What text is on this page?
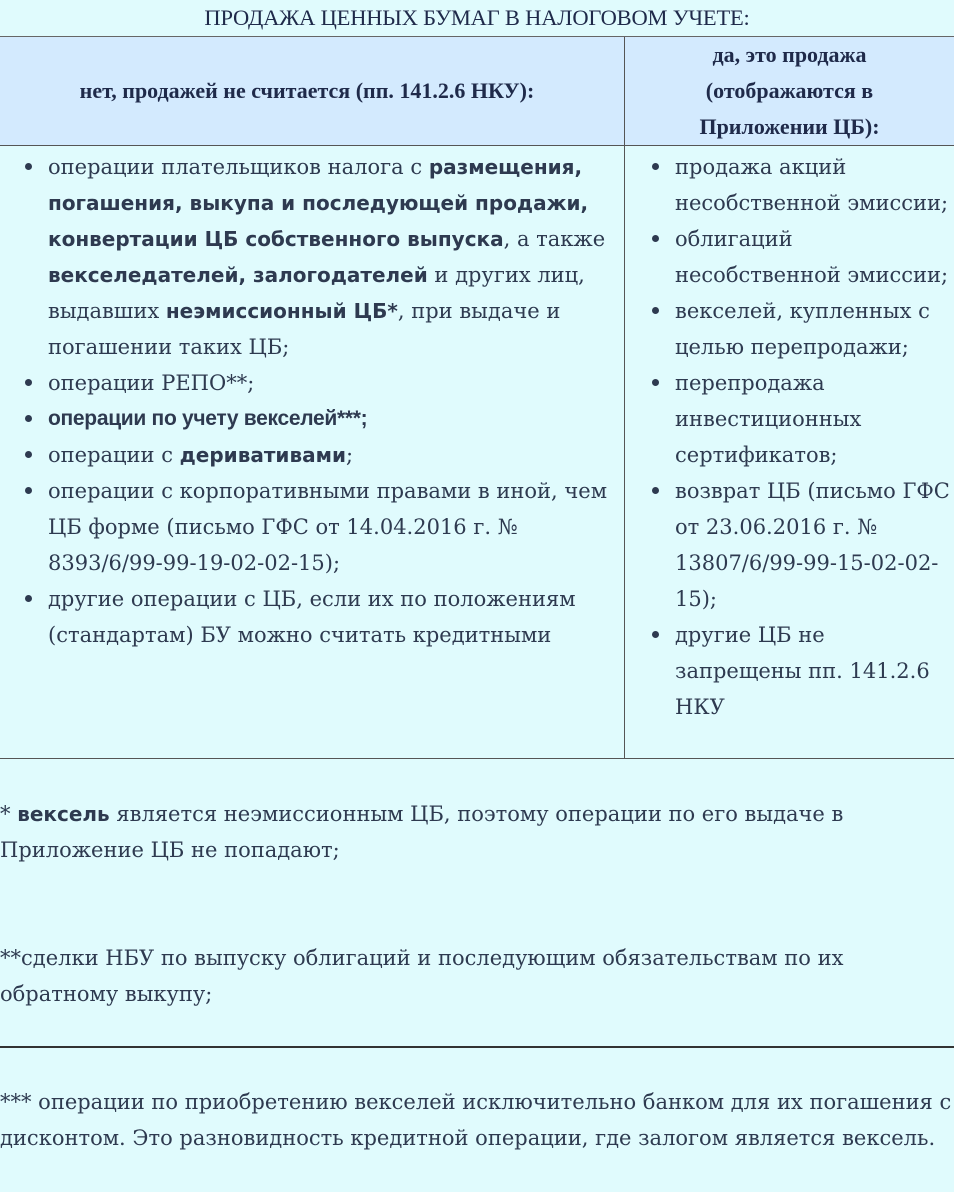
ПРОДАЖА ЦЕННЫХ БУМАГ В НАЛОГОВОМ УЧЕТЕ:
нет, продажей не считается (пп. 141.2.6 НКУ):
да, это продажа
(отображаются в
Приложении ЦБ):
операции плательщиков налога с размещения,
погашения, выкупа и последующей продажи,
конвертации ЦБ собственного выпуска, а также
векселедателей, залогодателей и других лиц,
выдавших неэмиссионный ЦБ*, при выдаче и
погашении таких ЦБ;
операции РЕПО**;
операции по учету векселей***;
операции с деривативами;
операции с корпоративными правами в иной, чем
ЦБ форме (письмо ГФС от 14.04.2016 г. №
8393/6/99-99-19-02-02-15);
другие операции с ЦБ, если их по положениям
(стандартам) БУ можно считать кредитными
продажа акций
несобственной эмиссии;
облигаций
несобственной эмиссии;
векселей, купленных с
целью перепродажи;
перепродажа
инвестиционных
сертификатов;
возврат ЦБ (письмо ГФС
от 23.06.2016 г. №
13807/6/99-99-15-02-02-
15);
другие ЦБ не
запрещены пп. 141.2.6
НКУ

* вексель является неэмиссионным ЦБ, поэтому операции по его выдаче в
Приложение ЦБ не попадают;

**сделки НБУ по выпуску облигаций и последующим обязательствам по их
обратному выкупу;

*** операции по приобретению векселей исключительно банком для их погашения с
дисконтом. Это разновидность кредитной операции, где залогом является вексель.
